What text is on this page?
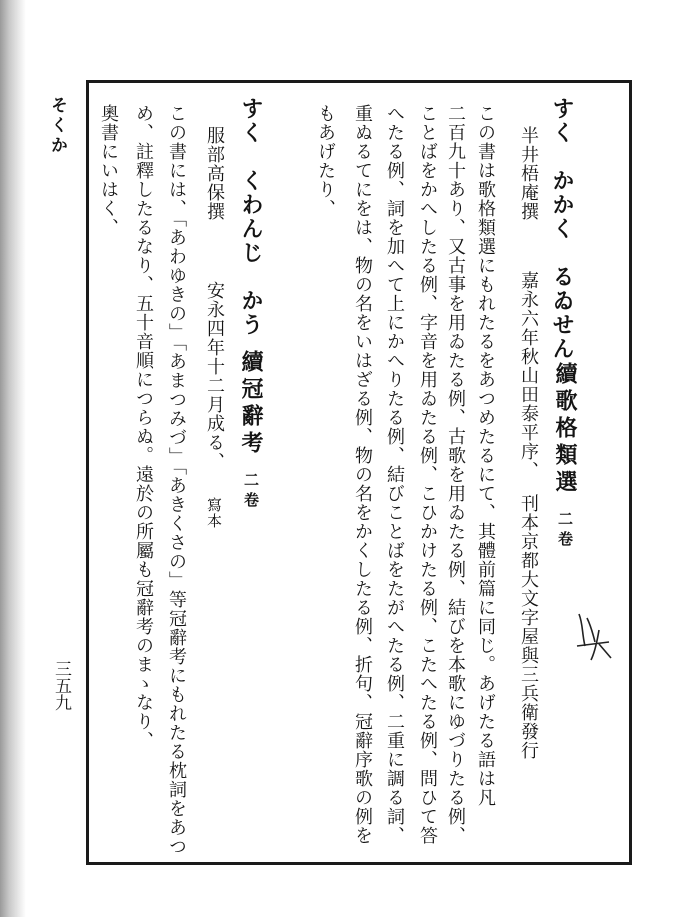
そくか
三五九
すく　かかく　るゐせん
半井梧庵撰嘉永六年秋山田泰平序、刊本京都大文字屋與三兵衛發行
續歌格類選二卷
この書は歌格類選にもれたるをあつめたるにて、其體前篇に同じ。あげたる語は凡
二百九十あり、又古事を用ゐたる例、古歌を用ゐたる例、結びを本歌にゆづりたる例、
ことばをかへしたる例、字音を用ゐたる例、こひかけたる例、こたへたる例、問ひて答
へたる例、詞を加へて上にかへりたる例、結びことばをたがへたる例、二重に調る詞、
重ぬるてにをは、物の名をいはざる例、物の名をかくしたる例、折句、冠辭序歌の例を
もあげたり、
すく　くわんじ　かう
服部高保撰安永四年十二月成る、寫本
續冠辭考二卷
この書には、「あわゆきの」「あまつみづ」「あきくさの」等冠辭考にもれたる枕詞をあつ
め、註釋したるなり、五十音順につらぬ。遠於の所屬も冠辭考のまゝなり、
奧書にいはく、
